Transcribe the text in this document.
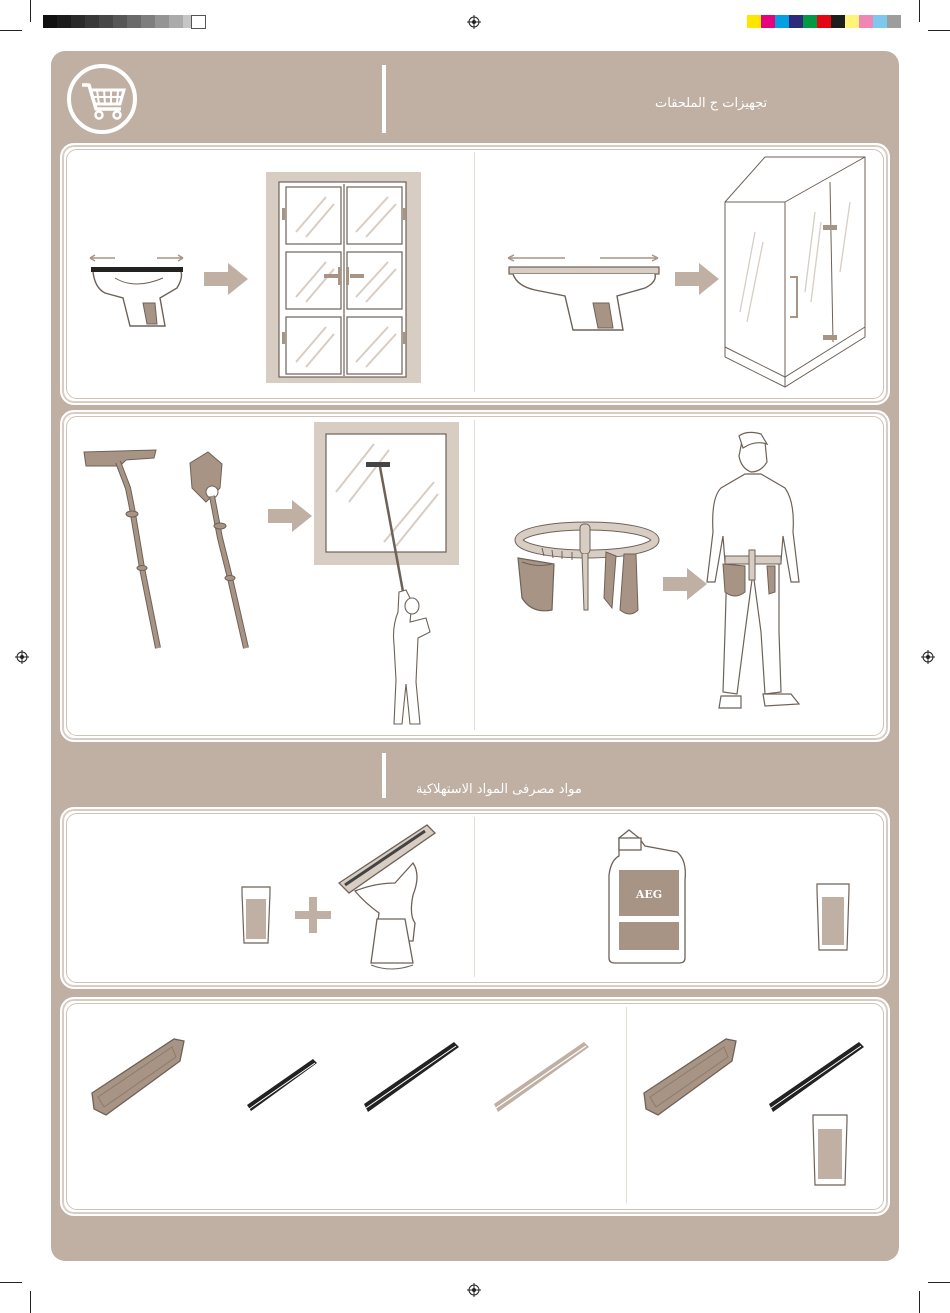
تجهيزات ج الملحقات
مواد مصرفی المواد الاستهلاكية
AEG
